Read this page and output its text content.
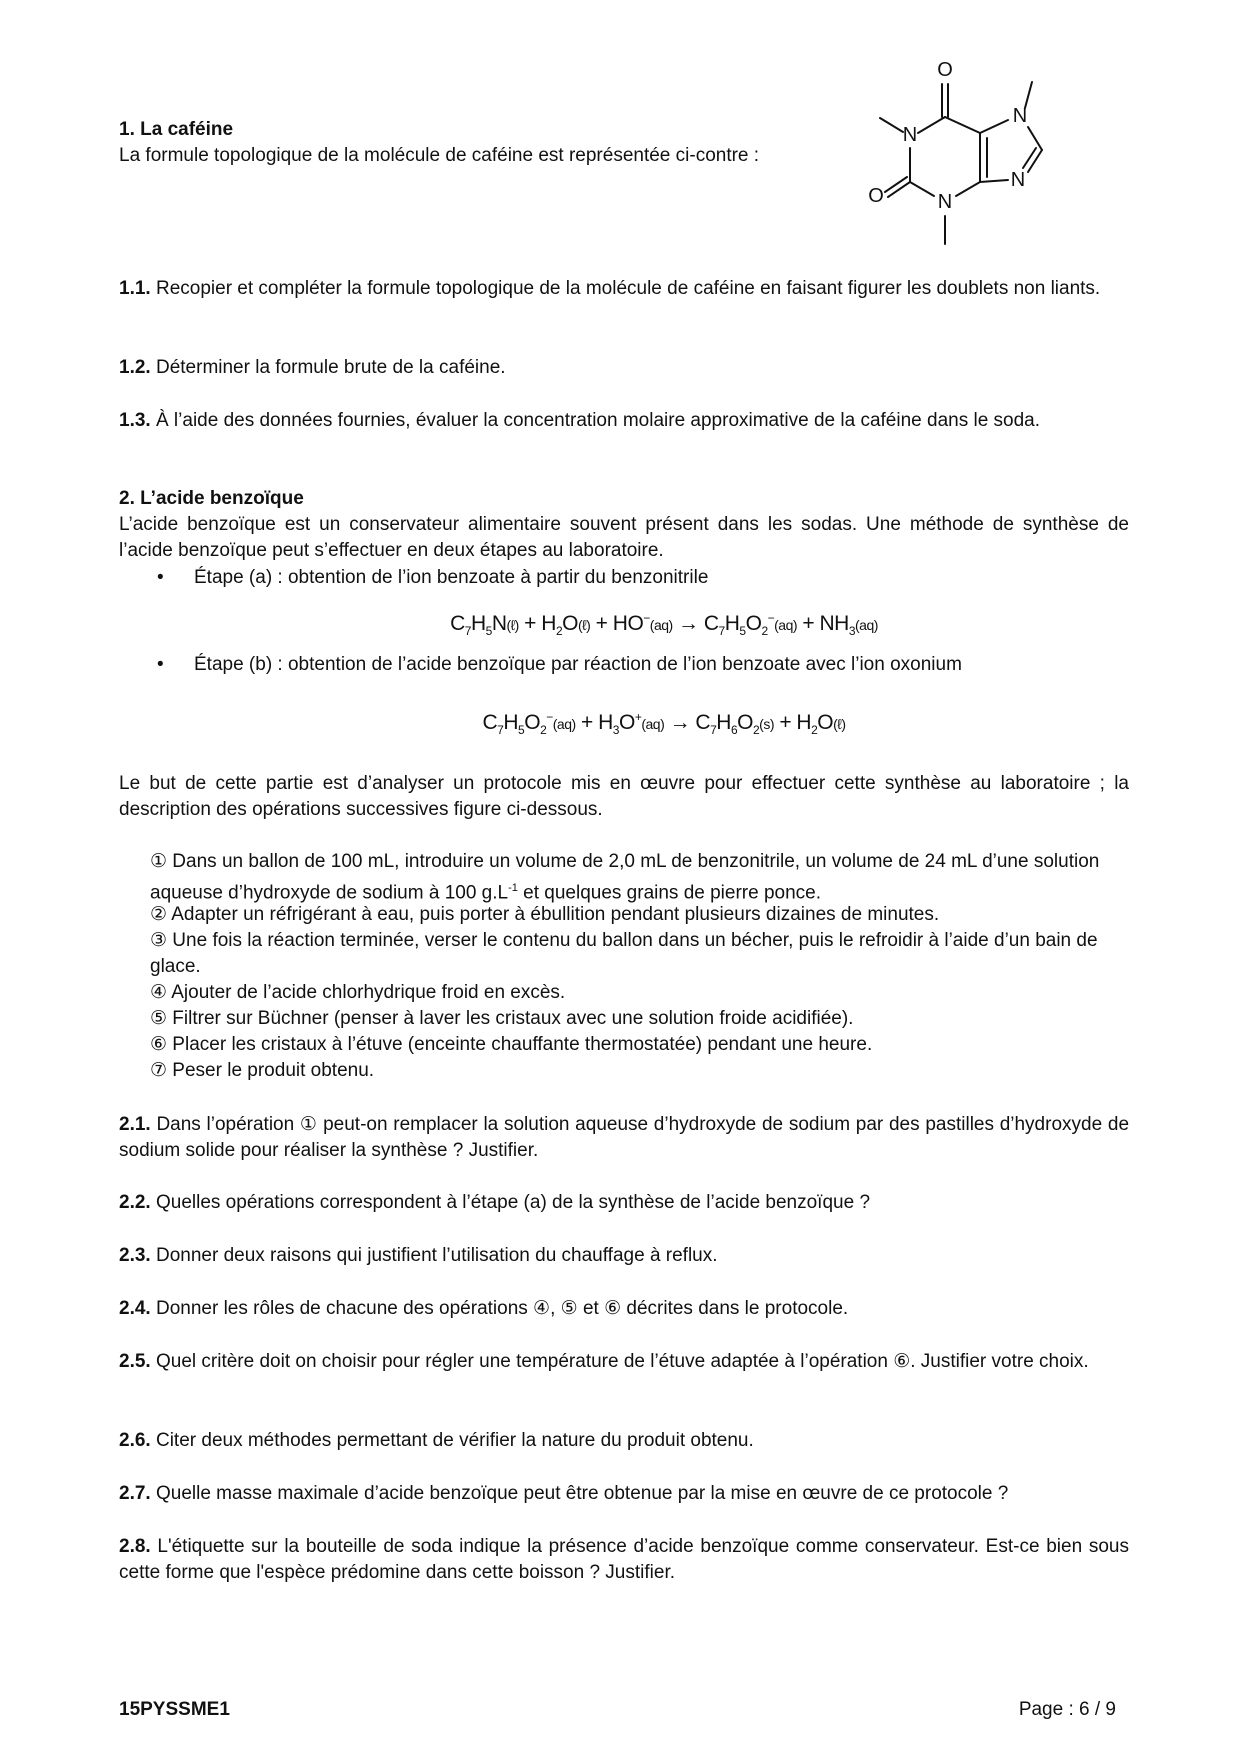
1. La caféine
La formule topologique de la molécule de caféine est représentée ci-contre :
1.1. Recopier et compléter la formule topologique de la molécule de caféine en faisant figurer les doublets non liants.
1.2. Déterminer la formule brute de la caféine.
1.3. À l’aide des données fournies, évaluer la concentration molaire approximative de la caféine dans le soda.
2. L’acide benzoïque
L’acide benzoïque est un conservateur alimentaire souvent présent dans les sodas. Une méthode de synthèse de l’acide benzoïque peut s’effectuer en deux étapes au laboratoire.
• Étape (a) : obtention de l’ion benzoate à partir du benzonitrile
$C_7H_5N(\ell)$ + $H_2O(\ell) + HO^-(aq) \to C_7H_5O_2^-(aq) + NH_3(aq)$
• Étape (b) : obtention de l’acide benzoïque par réaction de l’ion benzoate avec l’ion oxonium
$C_7H_5O_2^-(aq) + H_3O^+(aq) \to C_7H_6O_2(s)$ + $H_2O(\ell)$
Le but de cette partie est d’analyser un protocole mis en œuvre pour effectuer cette synthèse au laboratoire ; la description des opérations successives figure ci-dessous.
① Dans un ballon de 100 mL, introduire un volume de 2,0 mL de benzonitrile, un volume de 24 mL d’une solution aqueuse d’hydroxyde de sodium à 100 $g.L^{-1}$ et quelques grains de pierre ponce.
② Adapter un réfrigérant à eau, puis porter à ébullition pendant plusieurs dizaines de minutes.
③ Une fois la réaction terminée, verser le contenu du ballon dans un bécher, puis le refroidir à l’aide d’un bain de glace.
④ Ajouter de l’acide chlorhydrique froid en excès.
⑤ Filtrer sur Büchner (penser à laver les cristaux avec une solution froide acidifiée).
⑥ Placer les cristaux à l’étuve (enceinte chauffante thermostatée) pendant une heure.
⑦ Peser le produit obtenu.
2.1. Dans l’opération ① peut-on remplacer la solution aqueuse d’hydroxyde de sodium par des pastilles d’hydroxyde de sodium solide pour réaliser la synthèse ? Justifier.
2.2. Quelles opérations correspondent à l’étape (a) de la synthèse de l’acide benzoïque ?
2.3. Donner deux raisons qui justifient l’utilisation du chauffage à reflux.
2.4. Donner les rôles de chacune des opérations ④, ⑤ et ⑥ décrites dans le protocole.
2.5. Quel critère doit on choisir pour régler une température de l’étuve adaptée à l’opération ⑥. Justifier votre choix.
2.6. Citer deux méthodes permettant de vérifier la nature du produit obtenu.
2.7. Quelle masse maximale d’acide benzoïque peut être obtenue par la mise en œuvre de ce protocole ?
2.8. L'étiquette sur la bouteille de soda indique la présence d’acide benzoïque comme conservateur. Est-ce bien sous cette forme que l'espèce prédomine dans cette boisson ? Justifier.
O
N
N
N
O	N
15PYSSME1	Page : 6 / 9
